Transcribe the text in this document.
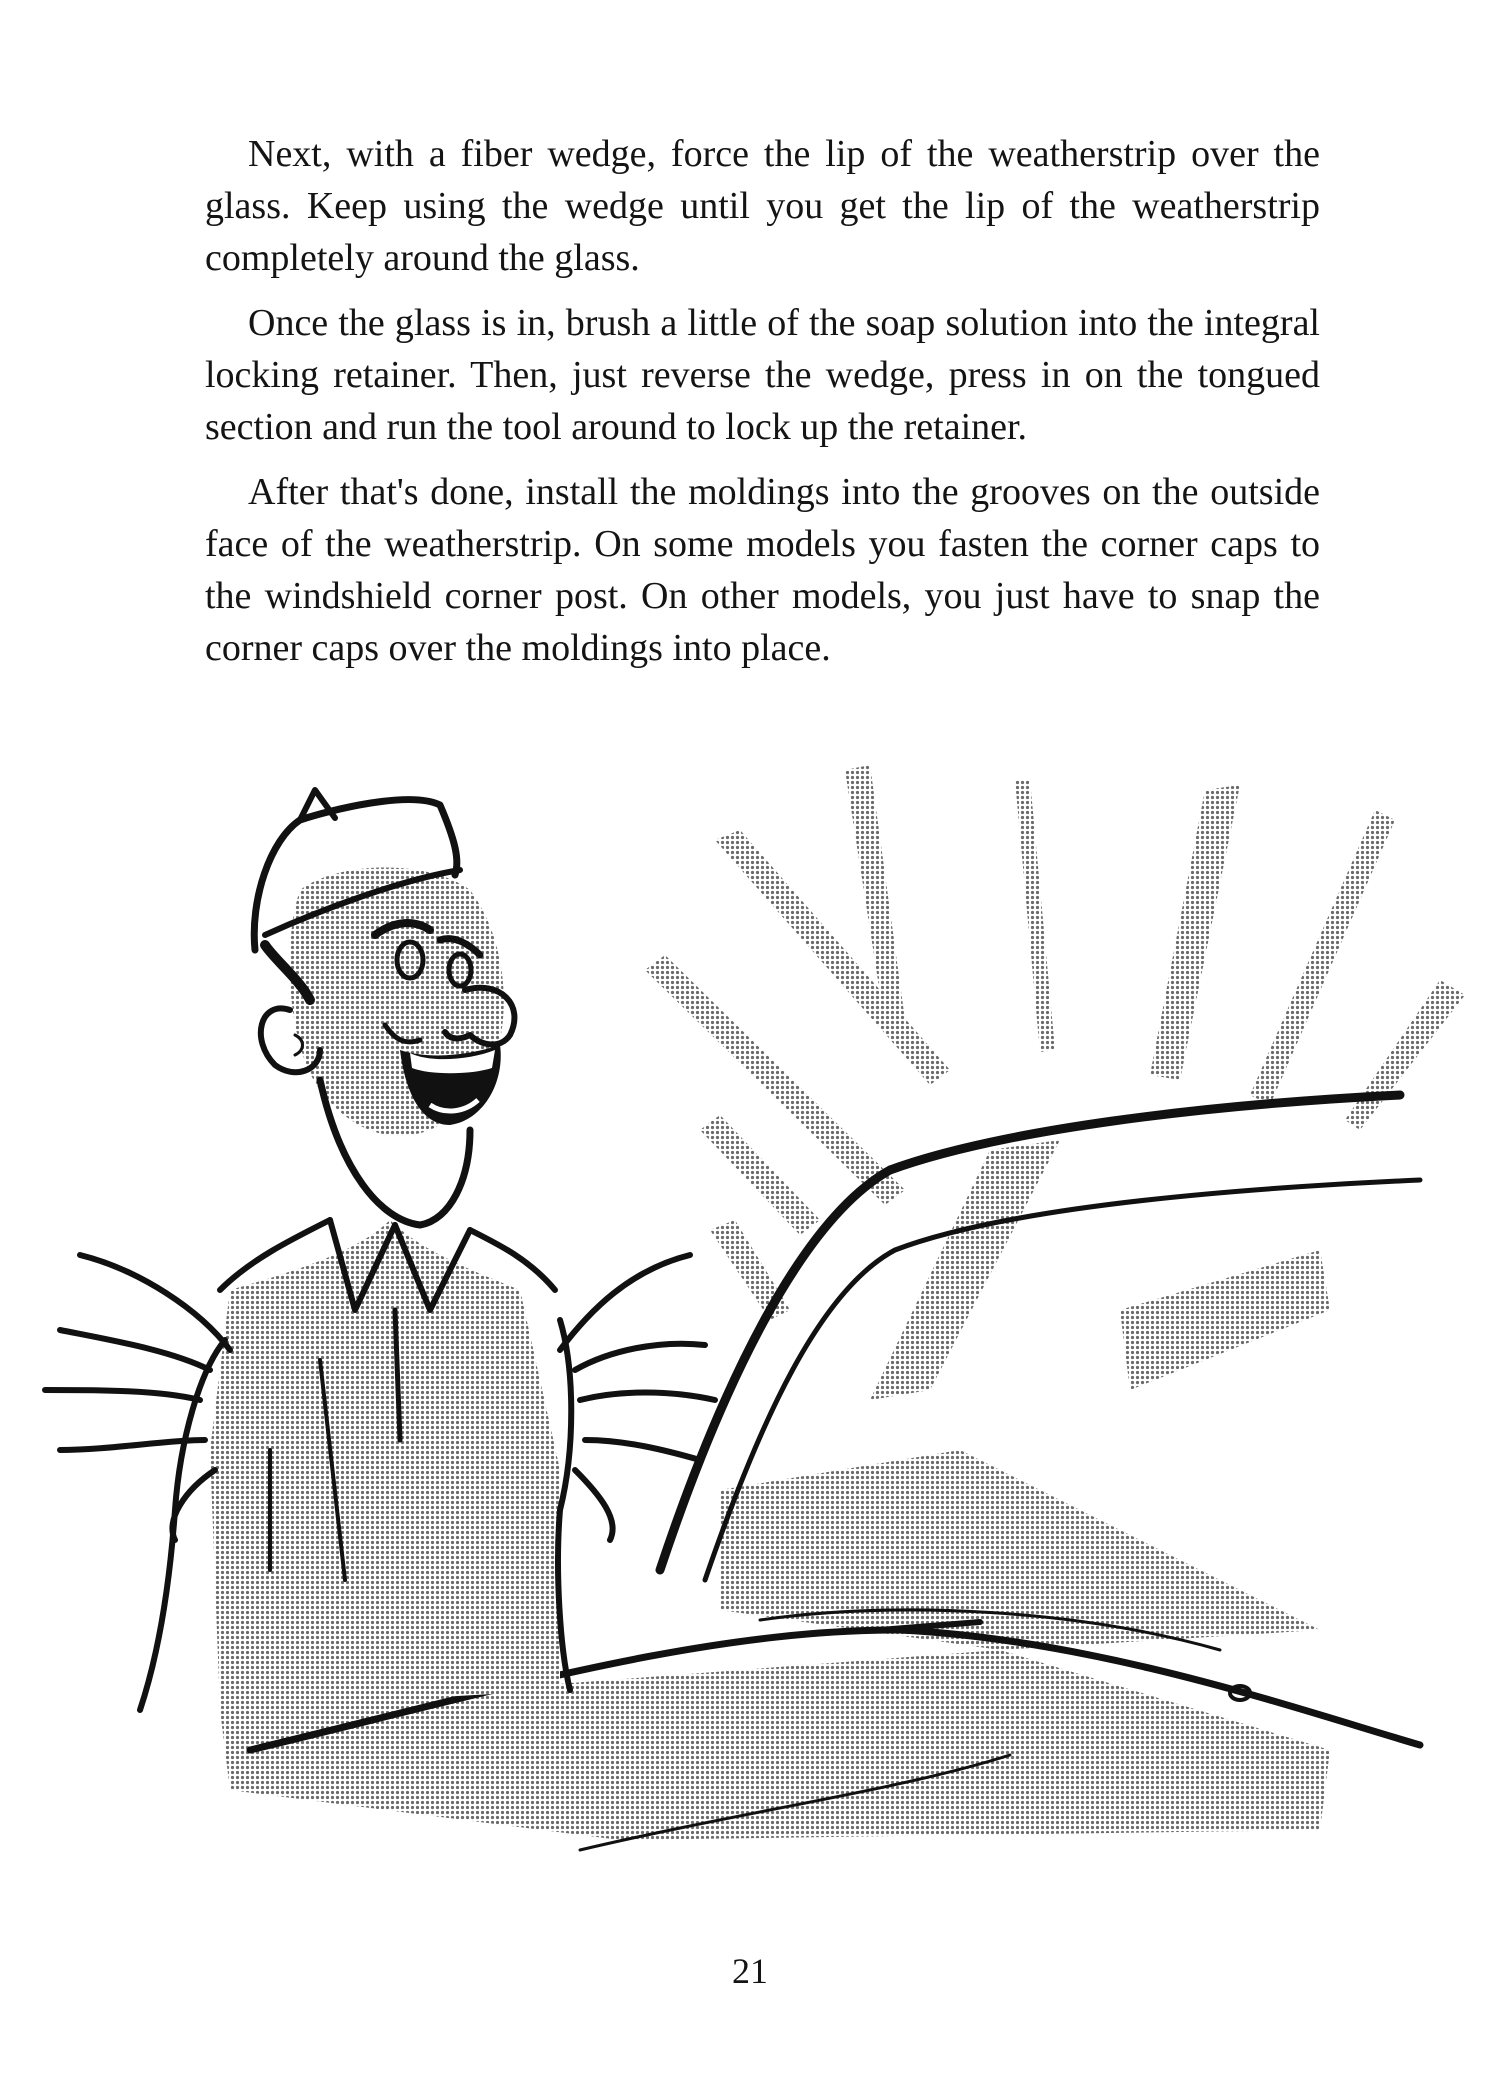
Next, with a fiber wedge, force the lip of the weatherstrip over the glass. Keep using the wedge until you get the lip of the weatherstrip completely around the glass.

Once the glass is in, brush a little of the soap solution into the integral locking retainer. Then, just reverse the wedge, press in on the tongued section and run the tool around to lock up the retainer.

After that's done, install the moldings into the grooves on the outside face of the weatherstrip. On some models you fasten the corner caps to the windshield corner post. On other models, you just have to snap the corner caps over the moldings into place.

21
